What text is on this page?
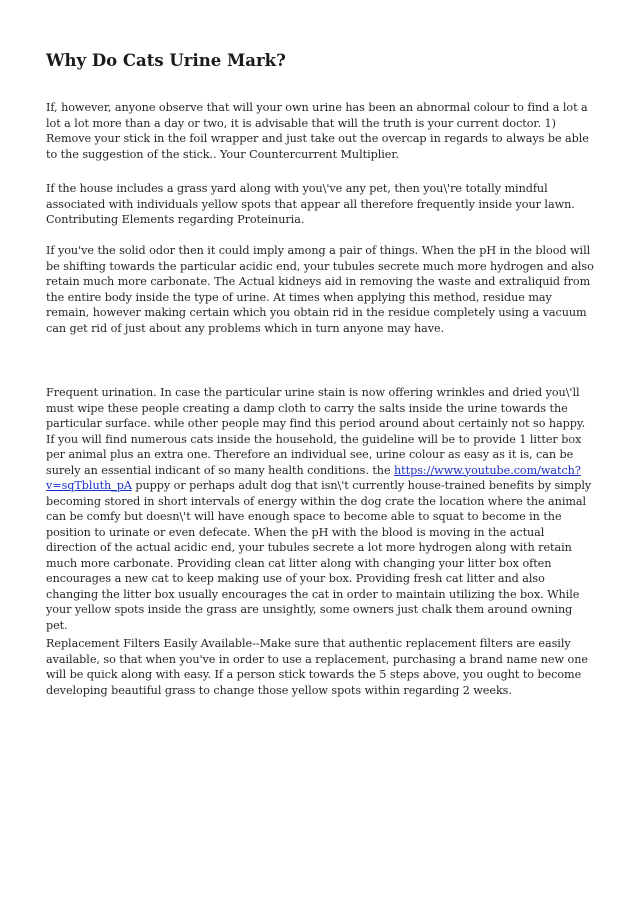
Why Do Cats Urine Mark?

If, however, anyone observe that will your own urine has been an abnormal colour to find a lot a lot a lot more than a day or two, it is advisable that will the truth is your current doctor. 1) Remove your stick in the foil wrapper and just take out the overcap in regards to always be able to the suggestion of the stick.. Your Countercurrent Multiplier.

If the house includes a grass yard along with you\'ve any pet, then you\'re totally mindful associated with individuals yellow spots that appear all therefore frequently inside your lawn. Contributing Elements regarding Proteinuria.

If you've the solid odor then it could imply among a pair of things. When the pH in the blood will be shifting towards the particular acidic end, your tubules secrete much more hydrogen and also retain much more carbonate. The Actual kidneys aid in removing the waste and extraliquid from the entire body inside the type of urine. At times when applying this method, residue may remain, however making certain which you obtain rid in the residue completely using a vacuum can get rid of just about any problems which in turn anyone may have.

Frequent urination. In case the particular urine stain is now offering wrinkles and dried you\'ll must wipe these people creating a damp cloth to carry the salts inside the urine towards the particular surface. while other people may find this period around about certainly not so happy. If you will find numerous cats inside the household, the guideline will be to provide 1 litter box per animal plus an extra one. Therefore an individual see, urine colour as easy as it is, can be surely an essential indicant of so many health conditions. the https://www.youtube.com/watch?v=sqTbluth_pA puppy or perhaps adult dog that isn\'t currently house-trained benefits by simply becoming stored in short intervals of energy within the dog crate the location where the animal can be comfy but doesn\'t will have enough space to become able to squat to become in the position to urinate or even defecate. When the pH with the blood is moving in the actual direction of the actual acidic end, your tubules secrete a lot more hydrogen along with retain much more carbonate. Providing clean cat litter along with changing your litter box often encourages a new cat to keep making use of your box. Providing fresh cat litter and also changing the litter box usually encourages the cat in order to maintain utilizing the box. While your yellow spots inside the grass are unsightly, some owners just chalk them around owning pet.

Replacement Filters Easily Available--Make sure that authentic replacement filters are easily available, so that when you've in order to use a replacement, purchasing a brand name new one will be quick along with easy. If a person stick towards the 5 steps above, you ought to become developing beautiful grass to change those yellow spots within regarding 2 weeks.
